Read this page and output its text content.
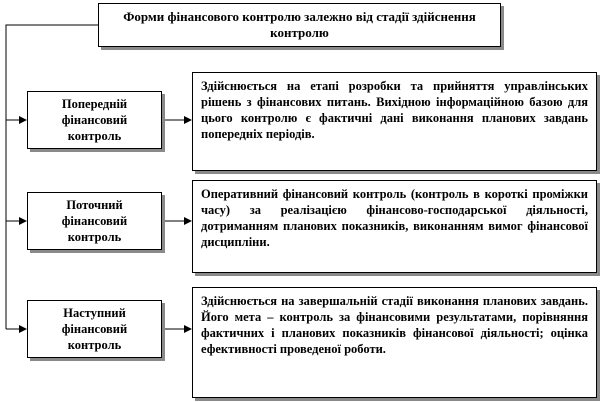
Форми фінансового контролю залежно від стадії здійснення контролю
Попередній фінансовий контроль
Поточний фінансовий контроль
Наступний фінансовий контроль
Здійснюється на етапі розробки та прийняття управлінських рішень з фінансових питань. Вихідною інформаційною базою для цього контролю є фактичні дані виконання планових завдань попередніх періодів.
Оперативний фінансовий контроль (контроль в короткі проміжки часу) за реалізацією фінансово-господарської діяльності, дотриманням планових показників, виконанням вимог фінансової дисципліни.
Здійснюється на завершальній стадії виконання планових завдань. Його мета – контроль за фінансовими результатами, порівняння фактичних і планових показників фінансової діяльності; оцінка ефективності проведеної роботи.
